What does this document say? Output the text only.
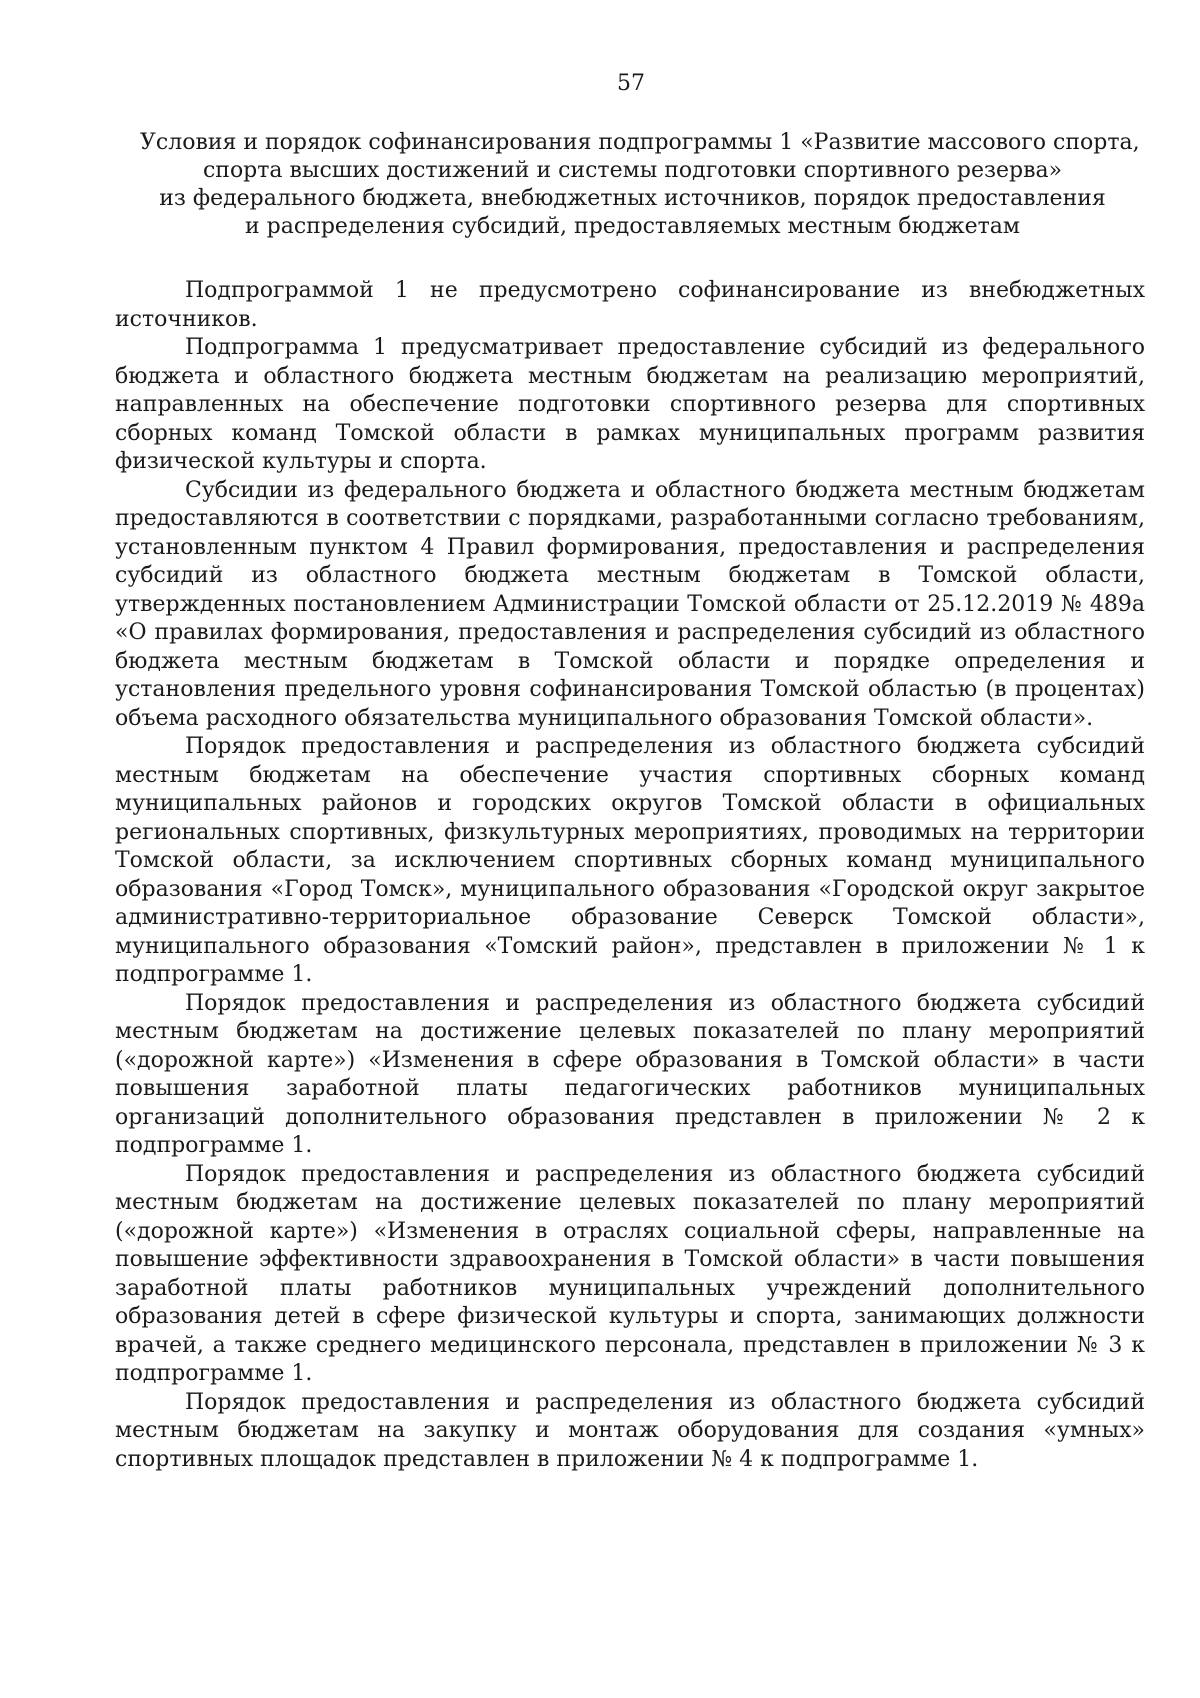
57
Условия и порядок софинансирования подпрограммы 1 «Развитие массового спорта,
спорта высших достижений и системы подготовки спортивного резерва»
из федерального бюджета, внебюджетных источников, порядок предоставления
и распределения субсидий, предоставляемых местным бюджетам

Подпрограммой 1 не предусмотрено софинансирование из внебюджетных источников.

Подпрограмма 1 предусматривает предоставление субсидий из федерального бюджета и областного бюджета местным бюджетам на реализацию мероприятий, направленных на обеспечение подготовки спортивного резерва для спортивных сборных команд Томской области в рамках муниципальных программ развития физической культуры и спорта.

Субсидии из федерального бюджета и областного бюджета местным бюджетам предоставляются в соответствии с порядками, разработанными согласно требованиям, установленным пунктом 4 Правил формирования, предоставления и распределения субсидий из областного бюджета местным бюджетам в Томской области, утвержденных постановлением Администрации Томской области от 25.12.2019 № 489а «О правилах формирования, предоставления и распределения субсидий из областного бюджета местным бюджетам в Томской области и порядке определения и установления предельного уровня софинансирования Томской областью (в процентах) объема расходного обязательства муниципального образования Томской области».

Порядок предоставления и распределения из областного бюджета субсидий местным бюджетам на обеспечение участия спортивных сборных команд муниципальных районов и городских округов Томской области в официальных региональных спортивных, физкультурных мероприятиях, проводимых на территории Томской области, за исключением спортивных сборных команд муниципального образования «Город Томск», муниципального образования «Городской округ закрытое административно-территориальное образование Северск Томской области», муниципального образования «Томский район», представлен в приложении № 1 к подпрограмме 1.

Порядок предоставления и распределения из областного бюджета субсидий местным бюджетам на достижение целевых показателей по плану мероприятий («дорожной карте») «Изменения в сфере образования в Томской области» в части повышения заработной платы педагогических работников муниципальных организаций дополнительного образования представлен в приложении № 2 к подпрограмме 1.

Порядок предоставления и распределения из областного бюджета субсидий местным бюджетам на достижение целевых показателей по плану мероприятий («дорожной карте») «Изменения в отраслях социальной сферы, направленные на повышение эффективности здравоохранения в Томской области» в части повышения заработной платы работников муниципальных учреждений дополнительного образования детей в сфере физической культуры и спорта, занимающих должности врачей, а также среднего медицинского персонала, представлен в приложении № 3 к подпрограмме 1.

Порядок предоставления и распределения из областного бюджета субсидий местным бюджетам на закупку и монтаж оборудования для создания «умных» спортивных площадок представлен в приложении № 4 к подпрограмме 1.
